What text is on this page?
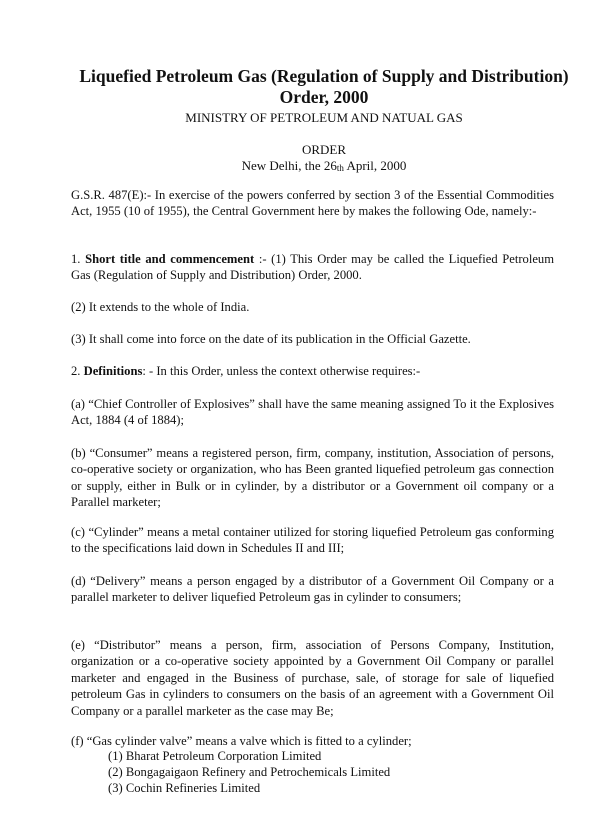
Liquefied Petroleum Gas (Regulation of Supply and Distribution) Order, 2000
MINISTRY OF PETROLEUM AND NATUAL GAS
ORDER
New Delhi, the $26_{th}$ April, 2000
G.S.R. 487(E):- In exercise of the powers conferred by section 3 of the Essential Commodities Act, 1955 (10 of 1955), the Central Government here by makes the following Ode, namely:-
1. Short title and commencement :- (1) This Order may be called the Liquefied Petroleum Gas (Regulation of Supply and Distribution) Order, 2000.
(2) It extends to the whole of India.
(3) It shall come into force on the date of its publication in the Official Gazette.
2. Definitions: - In this Order, unless the context otherwise requires:-
(a) “Chief Controller of Explosives” shall have the same meaning assigned To it the Explosives Act, 1884 (4 of 1884);
(b) “Consumer” means a registered person, firm, company, institution, Association of persons, co-operative society or organization, who has Been granted liquefied petroleum gas connection or supply, either in Bulk or in cylinder, by a distributor or a Government oil company or a Parallel marketer;
(c) “Cylinder” means a metal container utilized for storing liquefied Petroleum gas conforming to the specifications laid down in Schedules II and III;
(d) “Delivery” means a person engaged by a distributor of a Government Oil Company or a parallel marketer to deliver liquefied Petroleum gas in cylinder to consumers;
(e) “Distributor” means a person, firm, association of Persons Company, Institution, organization or a co-operative society appointed by a Government Oil Company or parallel marketer and engaged in the Business of purchase, sale, of storage for sale of liquefied petroleum Gas in cylinders to consumers on the basis of an agreement with a Government Oil Company or a parallel marketer as the case may Be;
(f) “Gas cylinder valve” means a valve which is fitted to a cylinder;
(1) Bharat Petroleum Corporation Limited
(2) Bongagaigaon Refinery and Petrochemicals Limited
(3) Cochin Refineries Limited
